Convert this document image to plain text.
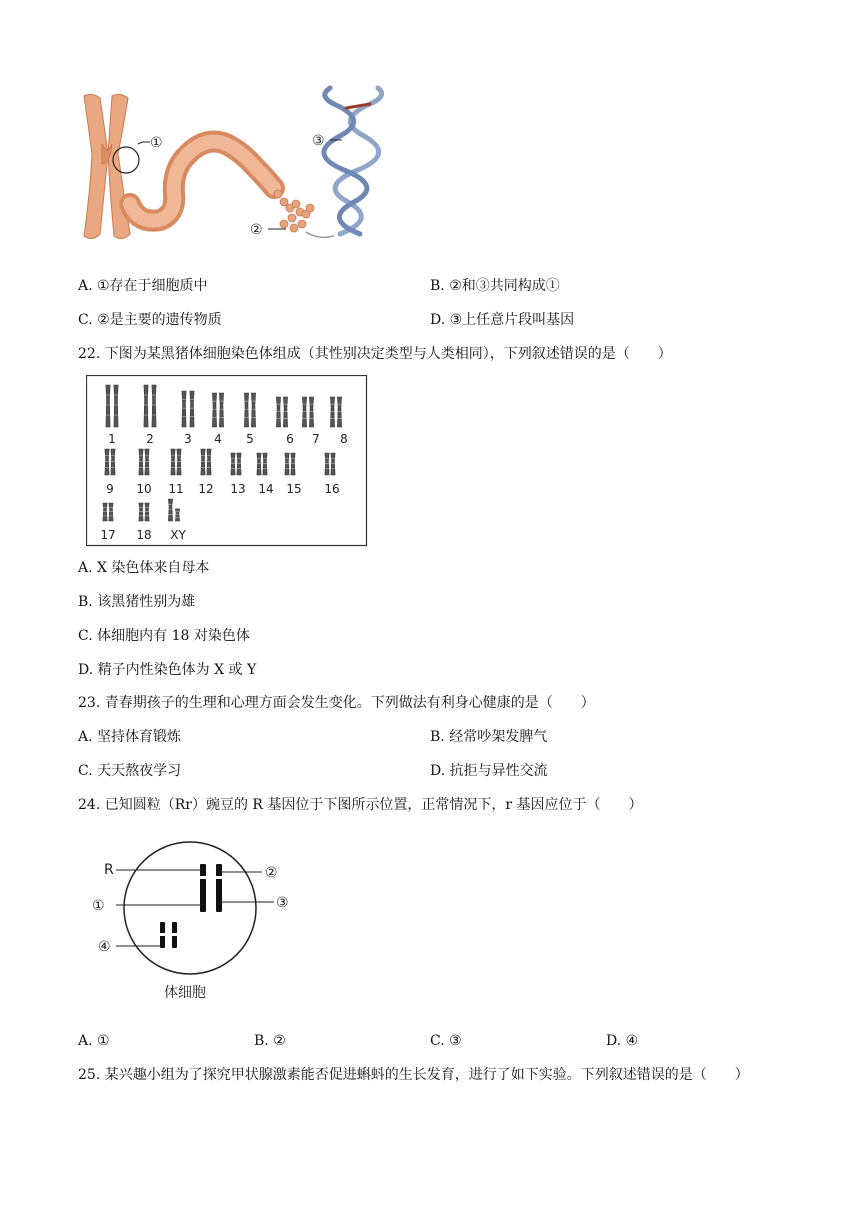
①	③
②
A. ①存在于细胞质中	B. ②和③共同构成①
C. ②是主要的遗传物质	D. ③上任意片段叫基因
22. 下图为某黑猪体细胞染色体组成（其性别决定类型与人类相同），下列叙述错误的是（　　）
1	2	3 4 5	6 7 8
9 10 11 12 13 14 15 16
17 18 XY
A. X 染色体来自母本
B. 该黑猪性别为雄
C. 体细胞内有 18 对染色体
D. 精子内性染色体为 X 或 Y
23. 青春期孩子的生理和心理方面会发生变化。下列做法有利身心健康的是（　　）
A. 坚持体育锻炼	B. 经常吵架发脾气
C. 天天熬夜学习	D. 抗拒与异性交流
24. 已知圆粒（Rr）豌豆的 R 基因位于下图所示位置，正常情况下，r 基因应位于（　　）
R	②
①	③
④
体细胞
A. ①	B. ②	C. ③	D. ④
25. 某兴趣小组为了探究甲状腺激素能否促进蝌蚪的生长发育，进行了如下实验。下列叙述错误的是（　　）
